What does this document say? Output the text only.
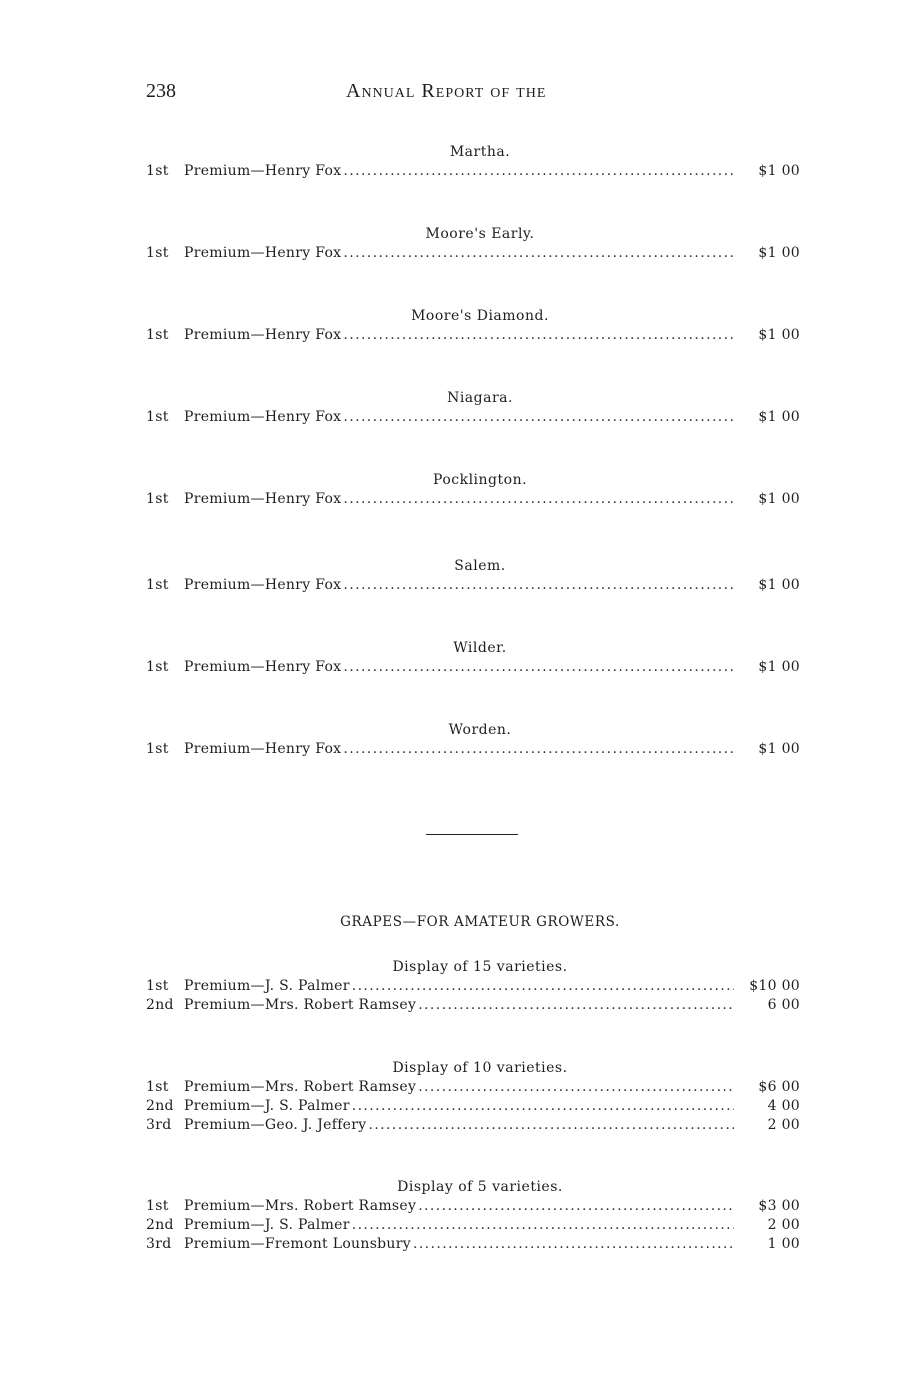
238	Annual Report of the
Martha.
1st	Premium—Henry Fox .....	$1 00
Moore's Early.
1st	Premium—Henry Fox .....	$1 00
Moore's Diamond.
1st	Premium—Henry Fox .....	$1 00
Niagara.
1st	Premium—Henry Fox .....	$1 00
Pocklington.
1st	Premium—Henry Fox .....	$1 00
Salem.
1st	Premium—Henry Fox .....	$1 00
Wilder.
1st	Premium—Henry Fox .....	$1 00
Worden.
1st	Premium—Henry Fox .....	$1 00
GRAPES—FOR AMATEUR GROWERS.
Display of 15 varieties.
1st	Premium—J. S. Palmer .....	$10 00
2nd Premium—Mrs. Robert Ramsey .....	6 00
Display of 10 varieties.
1st	Premium—Mrs. Robert Ramsey .....	$6 00
2nd Premium—J. S. Palmer .....	4 00
3rd Premium—Geo. J. Jeffery .....	2 00
Display of 5 varieties.
1st	Premium—Mrs. Robert Ramsey .....	$3 00
2nd Premium—J. S. Palmer .....	2 00
3rd Premium—Fremont Lounsbury .....	1 00
